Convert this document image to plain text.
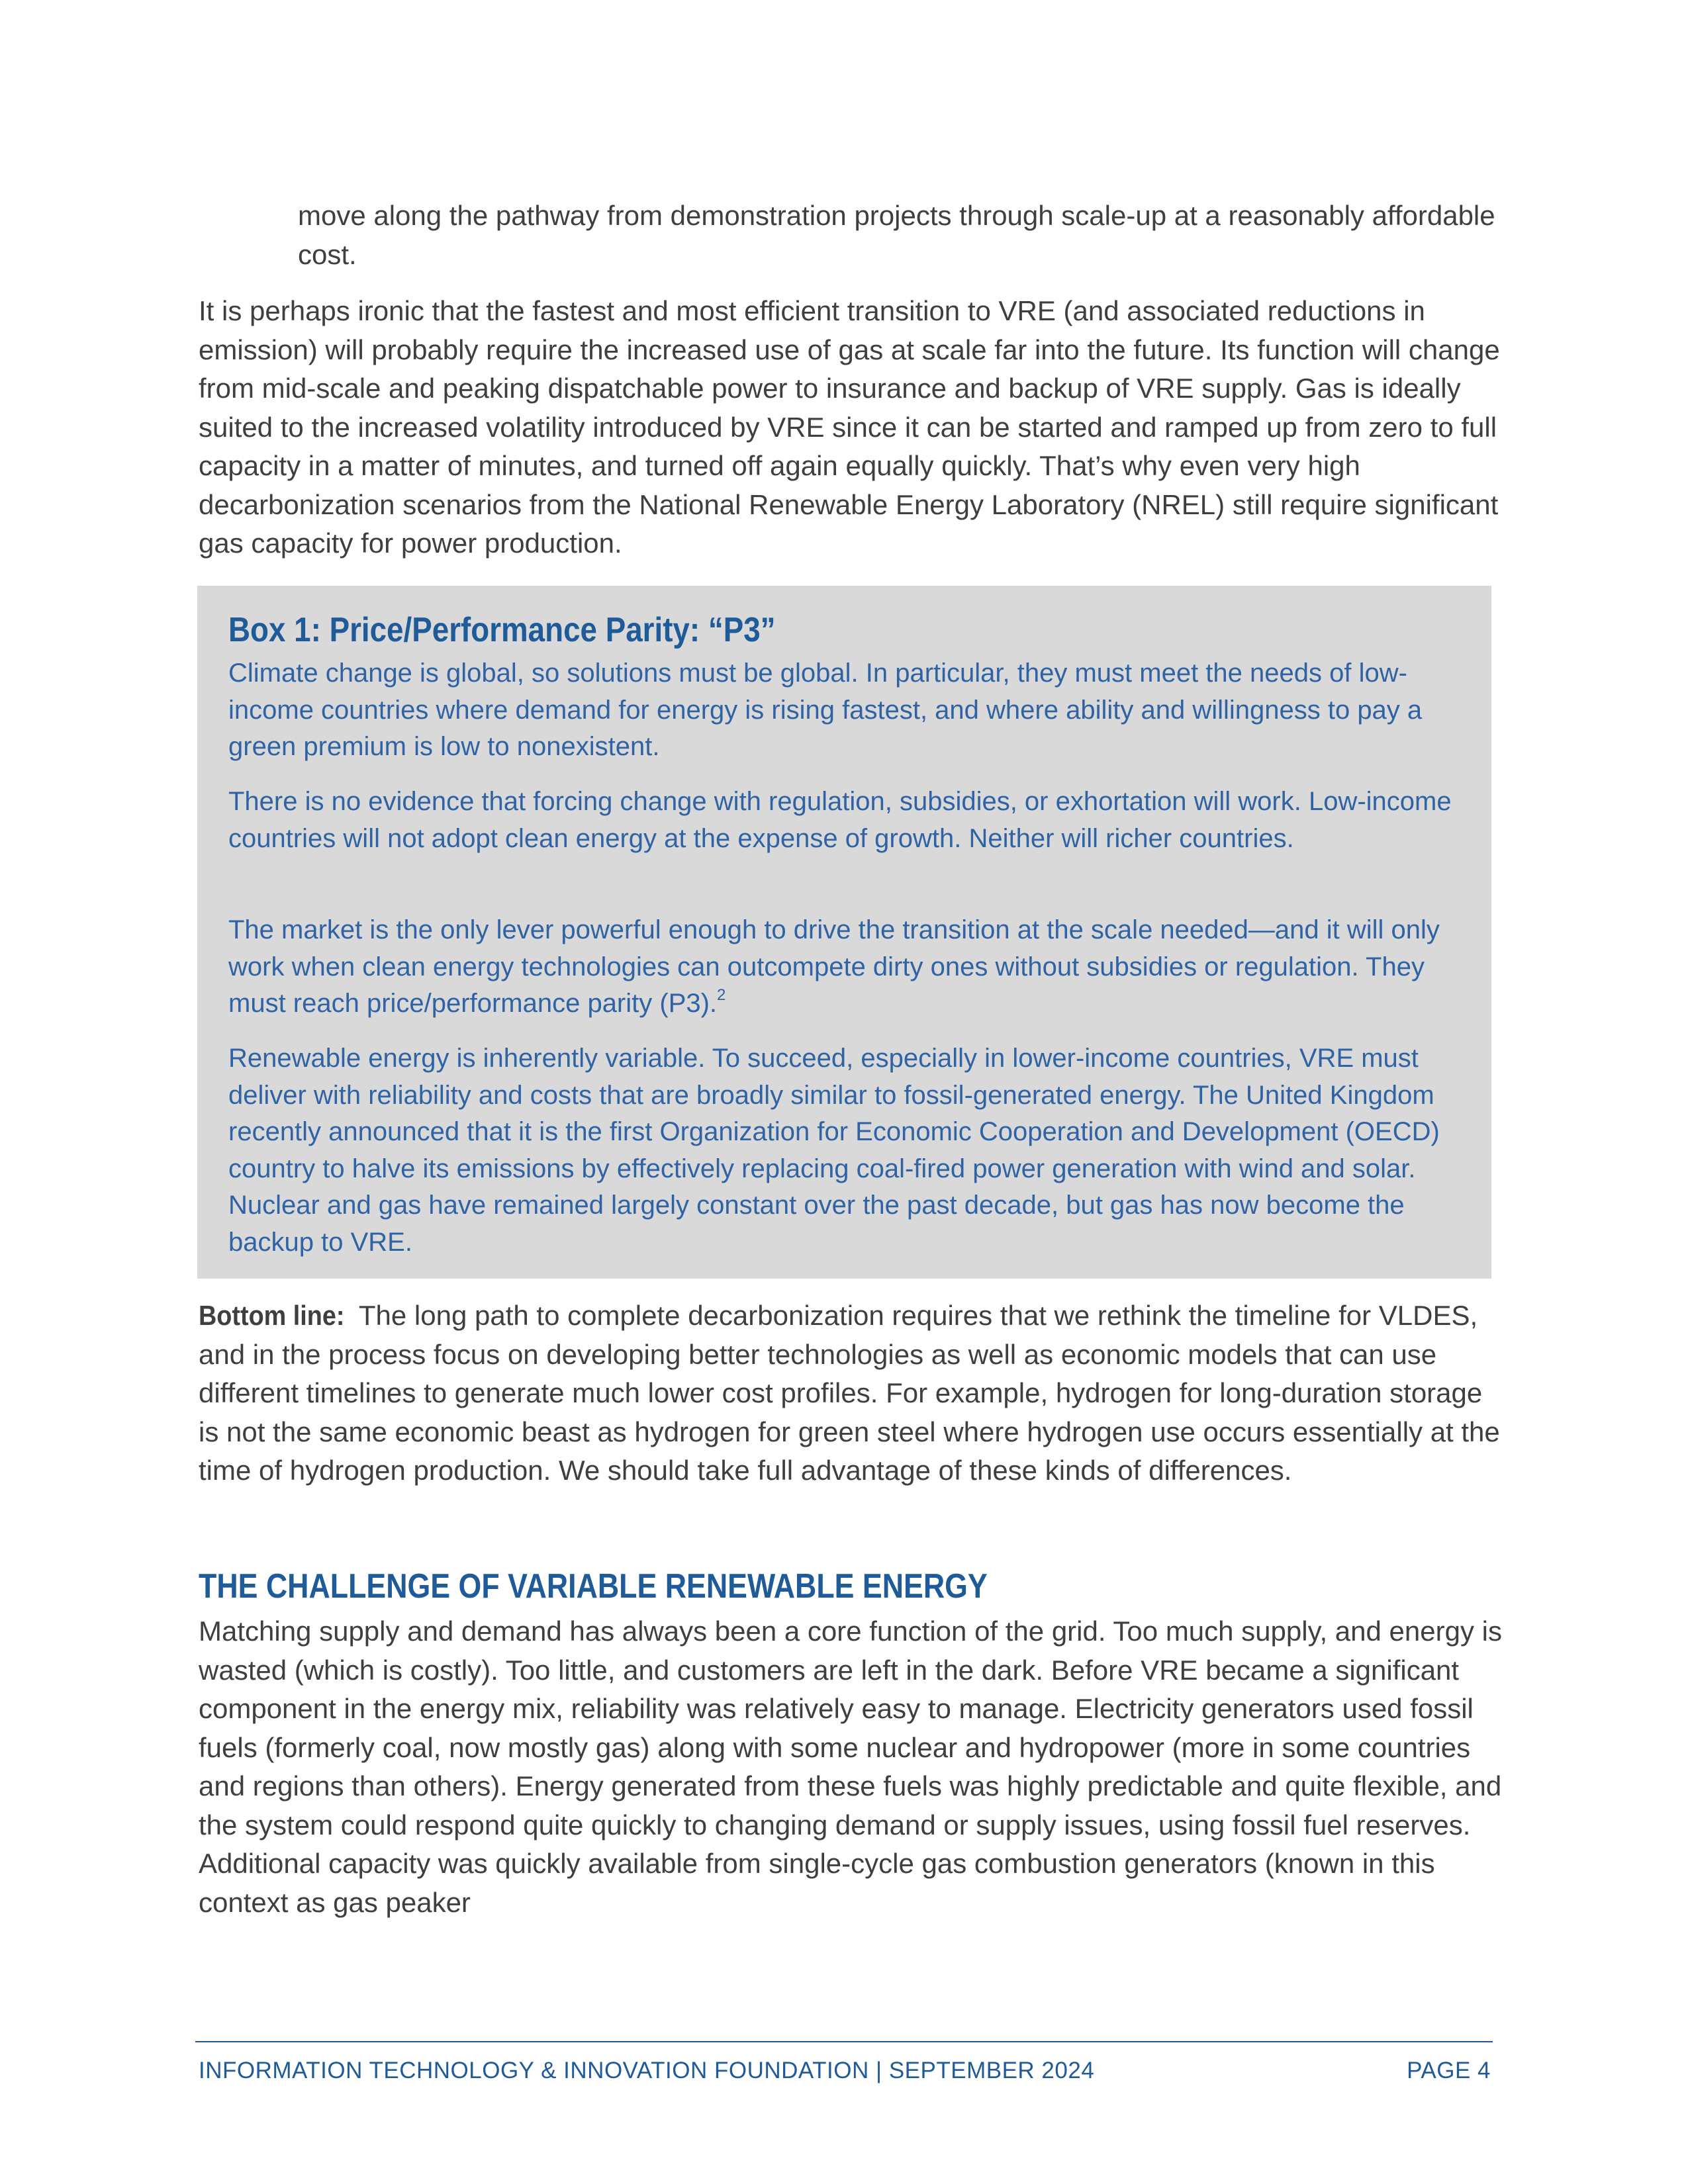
move along the pathway from demonstration projects through scale-up at a reasonably affordable cost.

It is perhaps ironic that the fastest and most efficient transition to VRE (and associated reductions in emission) will probably require the increased use of gas at scale far into the future. Its function will change from mid-scale and peaking dispatchable power to insurance and backup of VRE supply. Gas is ideally suited to the increased volatility introduced by VRE since it can be started and ramped up from zero to full capacity in a matter of minutes, and turned off again equally quickly. That’s why even very high decarbonization scenarios from the National Renewable Energy Laboratory (NREL) still require significant gas capacity for power production.

Box 1: Price/Performance Parity: “P3”

Climate change is global, so solutions must be global. In particular, they must meet the needs of low-income countries where demand for energy is rising fastest, and where ability and willingness to pay a green premium is low to nonexistent.

There is no evidence that forcing change with regulation, subsidies, or exhortation will work. Low-income countries will not adopt clean energy at the expense of growth. Neither will richer countries.

The market is the only lever powerful enough to drive the transition at the scale needed—and it will only work when clean energy technologies can outcompete dirty ones without subsidies or regulation. They must reach price/performance parity (P3).$^2$

Renewable energy is inherently variable. To succeed, especially in lower-income countries, VRE must deliver with reliability and costs that are broadly similar to fossil-generated energy. The United Kingdom recently announced that it is the first Organization for Economic Cooperation and Development (OECD) country to halve its emissions by effectively replacing coal-fired power generation with wind and solar. Nuclear and gas have remained largely constant over the past decade, but gas has now become the backup to VRE.

Bottom line: The long path to complete decarbonization requires that we rethink the timeline for VLDES, and in the process focus on developing better technologies as well as economic models that can use different timelines to generate much lower cost profiles. For example, hydrogen for long-duration storage is not the same economic beast as hydrogen for green steel where hydrogen use occurs essentially at the time of hydrogen production. We should take full advantage of these kinds of differences.

THE CHALLENGE OF VARIABLE RENEWABLE ENERGY

Matching supply and demand has always been a core function of the grid. Too much supply, and energy is wasted (which is costly). Too little, and customers are left in the dark. Before VRE became a significant component in the energy mix, reliability was relatively easy to manage. Electricity generators used fossil fuels (formerly coal, now mostly gas) along with some nuclear and hydropower (more in some countries and regions than others). Energy generated from these fuels was highly predictable and quite flexible, and the system could respond quite quickly to changing demand or supply issues, using fossil fuel reserves. Additional capacity was quickly available from single-cycle gas combustion generators (known in this context as gas peaker

INFORMATION TECHNOLOGY & INNOVATION FOUNDATION | SEPTEMBER 2024	PAGE 4
